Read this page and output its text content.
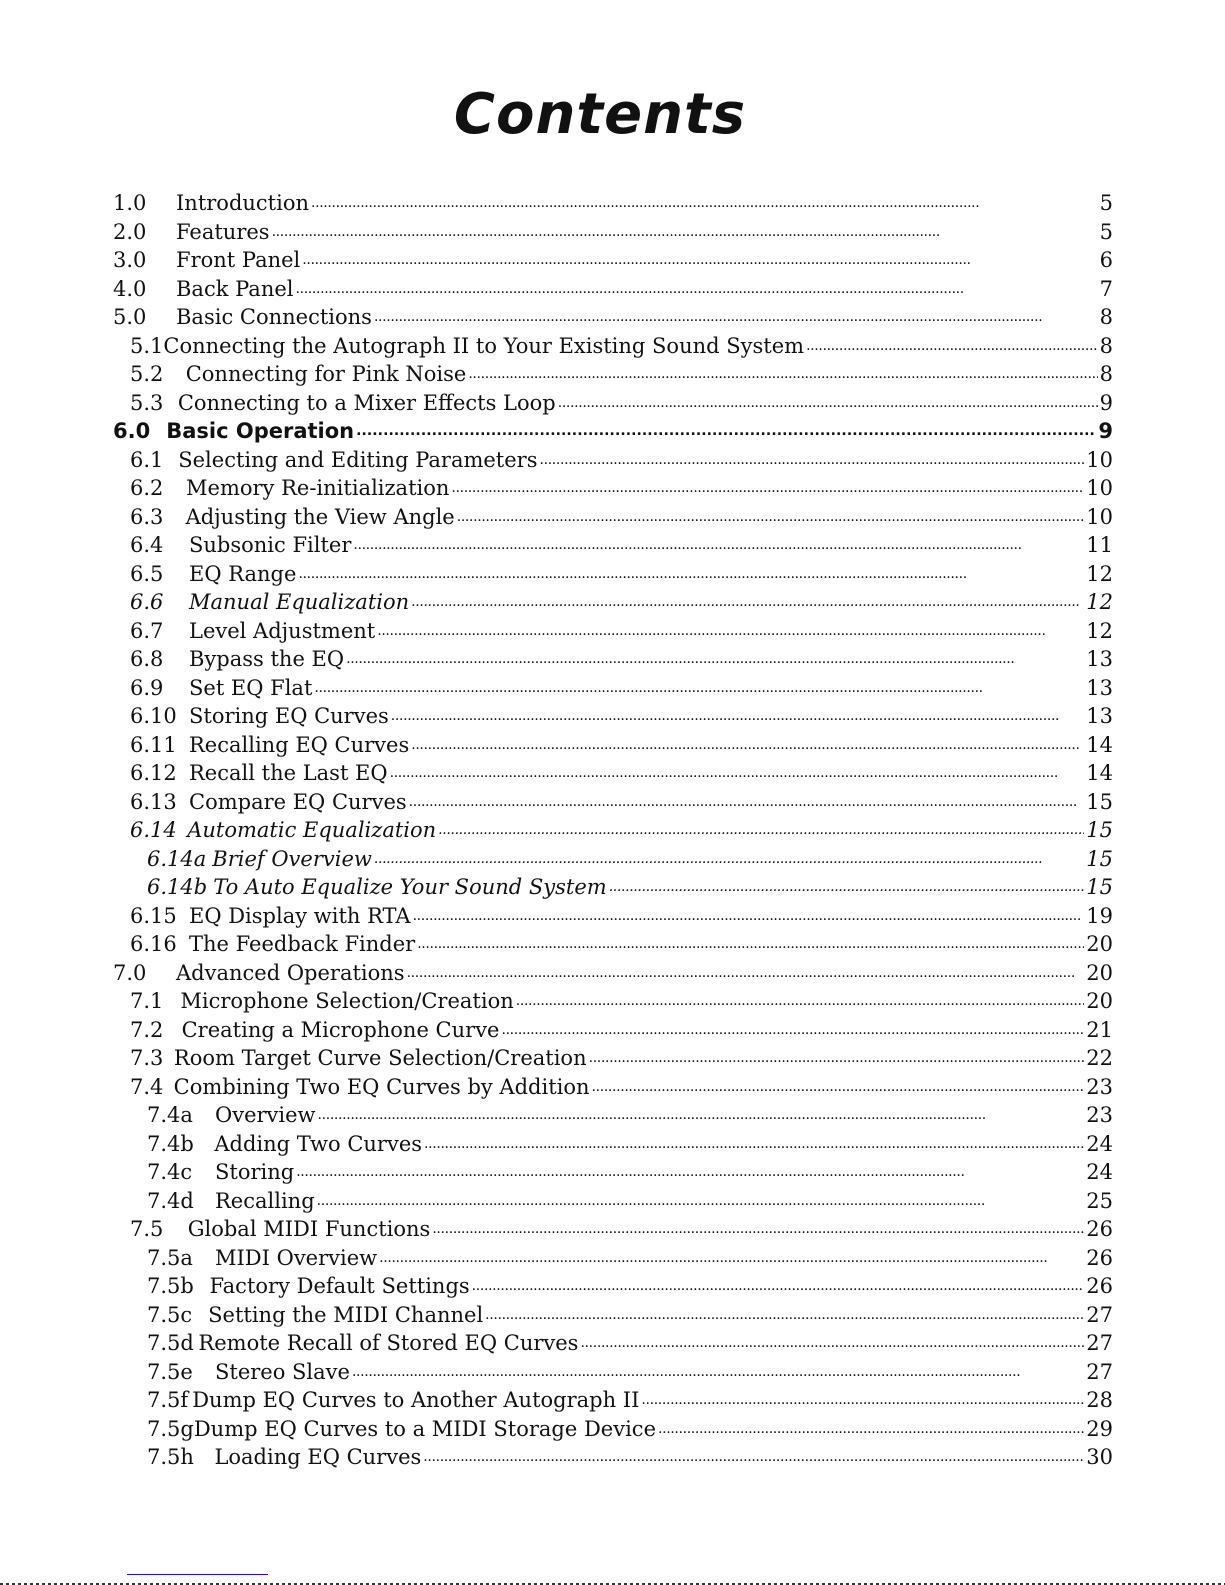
Contents
1.0	Introduction . . .	5
2.0	Features . . .	5
3.0	Front Panel . . .	6
4.0	Back Panel . . .	7
5.0	Basic Connections . . .	8
5.1 Connecting the Autograph II to Your Existing Sound System . . .	8
5.2	Connecting for Pink Noise . . .	8
5.3 Connecting to a Mixer Effects Loop . . .	9
6.0 Basic Operation . . .	9
6.1 Selecting and Editing Parameters . . .	10
6.2	Memory Re-initialization . . .	10
6.3	Adjusting the View Angle . . .	10
6.4	Subsonic Filter . . .	11
6.5	EQ Range . . .	12
6.6	Manual Equalization . . .	12
6.7	Level Adjustment . . .	12
6.8	Bypass the EQ . . .	13
6.9	Set EQ Flat . . .	13
6.10 Storing EQ Curves . . .	13
6.11 Recalling EQ Curves . . .	14
6.12 Recall the Last EQ . . .	14
6.13 Compare EQ Curves . . .	15
6.14 Automatic Equalization . . .	15
6.14a Brief Overview . . .	15
6.14b To Auto Equalize Your Sound System . . .	15
6.15 EQ Display with RTA . . .	19
6.16 The Feedback Finder . . .	20
7.0	Advanced Operations . . .	20
7.1 Microphone Selection/Creation . . .	20
7.2 Creating a Microphone Curve . . .	21
7.3 Room Target Curve Selection/Creation . . .	22
7.4 Combining Two EQ Curves by Addition . . .	23
7.4a	Overview . . .	23
7.4b Adding Two Curves . . .	24
7.4c	Storing . . .	24
7.4d	Recalling . . .	25
7.5	Global MIDI Functions . . .	26
7.5a	MIDI Overview . . .	26
7.5b Factory Default Settings . . .	26
7.5c Setting the MIDI Channel . . .	27
7.5d Remote Recall of Stored EQ Curves . . .	27
7.5e	Stereo Slave . . .	27
7.5f Dump EQ Curves to Another Autograph II . . .	28
7.5g Dump EQ Curves to a MIDI Storage Device . . .	29
7.5h Loading EQ Curves . . .	30
